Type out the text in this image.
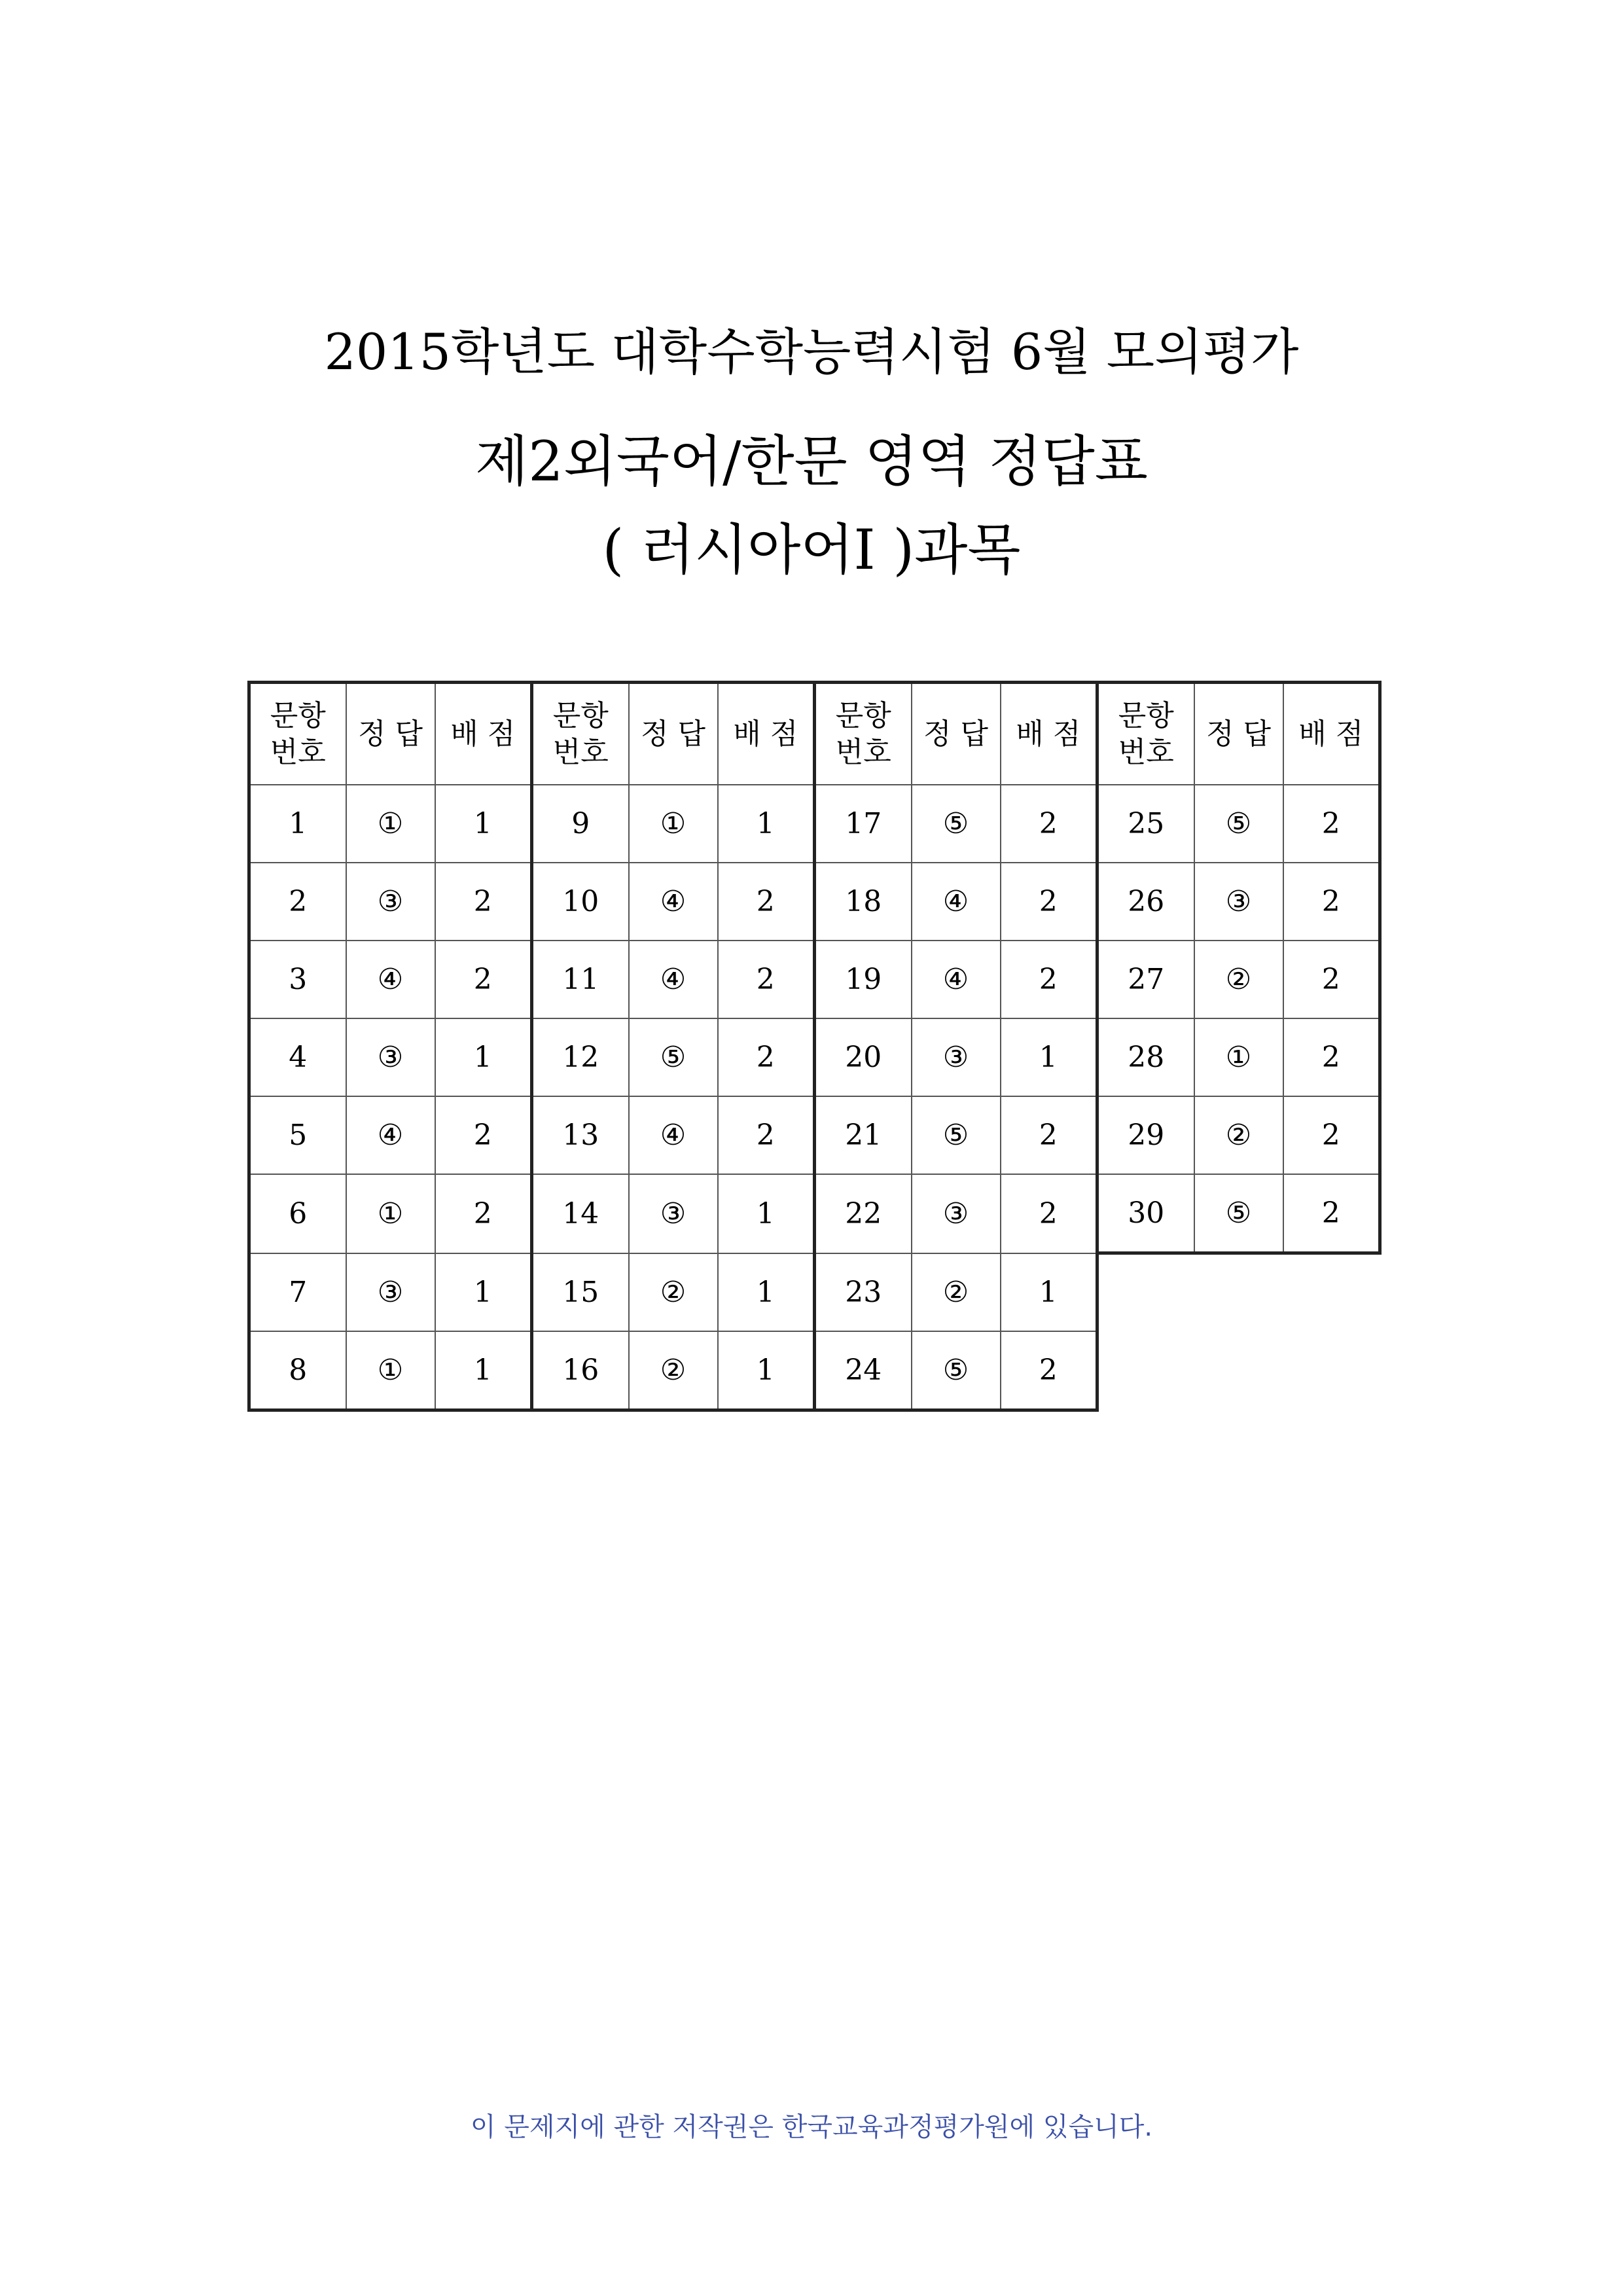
2015학년도 대학수학능력시험 6월 모의평가
제2외국어/한문 영역 정답표
( 러시아어Ⅰ )과목
문항
번호	정 답	배 점	문항
번호	정 답	배 점	문항
번호	정 답	배 점	문항
번호	정 답	배 점
1	①	1	9	①	1	17	⑤	2	25	⑤	2
2	③	2	10	④	2	18	④	2	26	③	2
3	④	2	11	④	2	19	④	2	27	②	2
4	③	1	12	⑤	2	20	③	1	28	①	2
5	④	2	13	④	2	21	⑤	2	29	②	2
6	①	2	14	③	1	22	③	2	30	⑤	2
7	③	1	15	②	1	23	②	1			
8	①	1	16	②	1	24	⑤	2			
이 문제지에 관한 저작권은 한국교육과정평가원에 있습니다.
